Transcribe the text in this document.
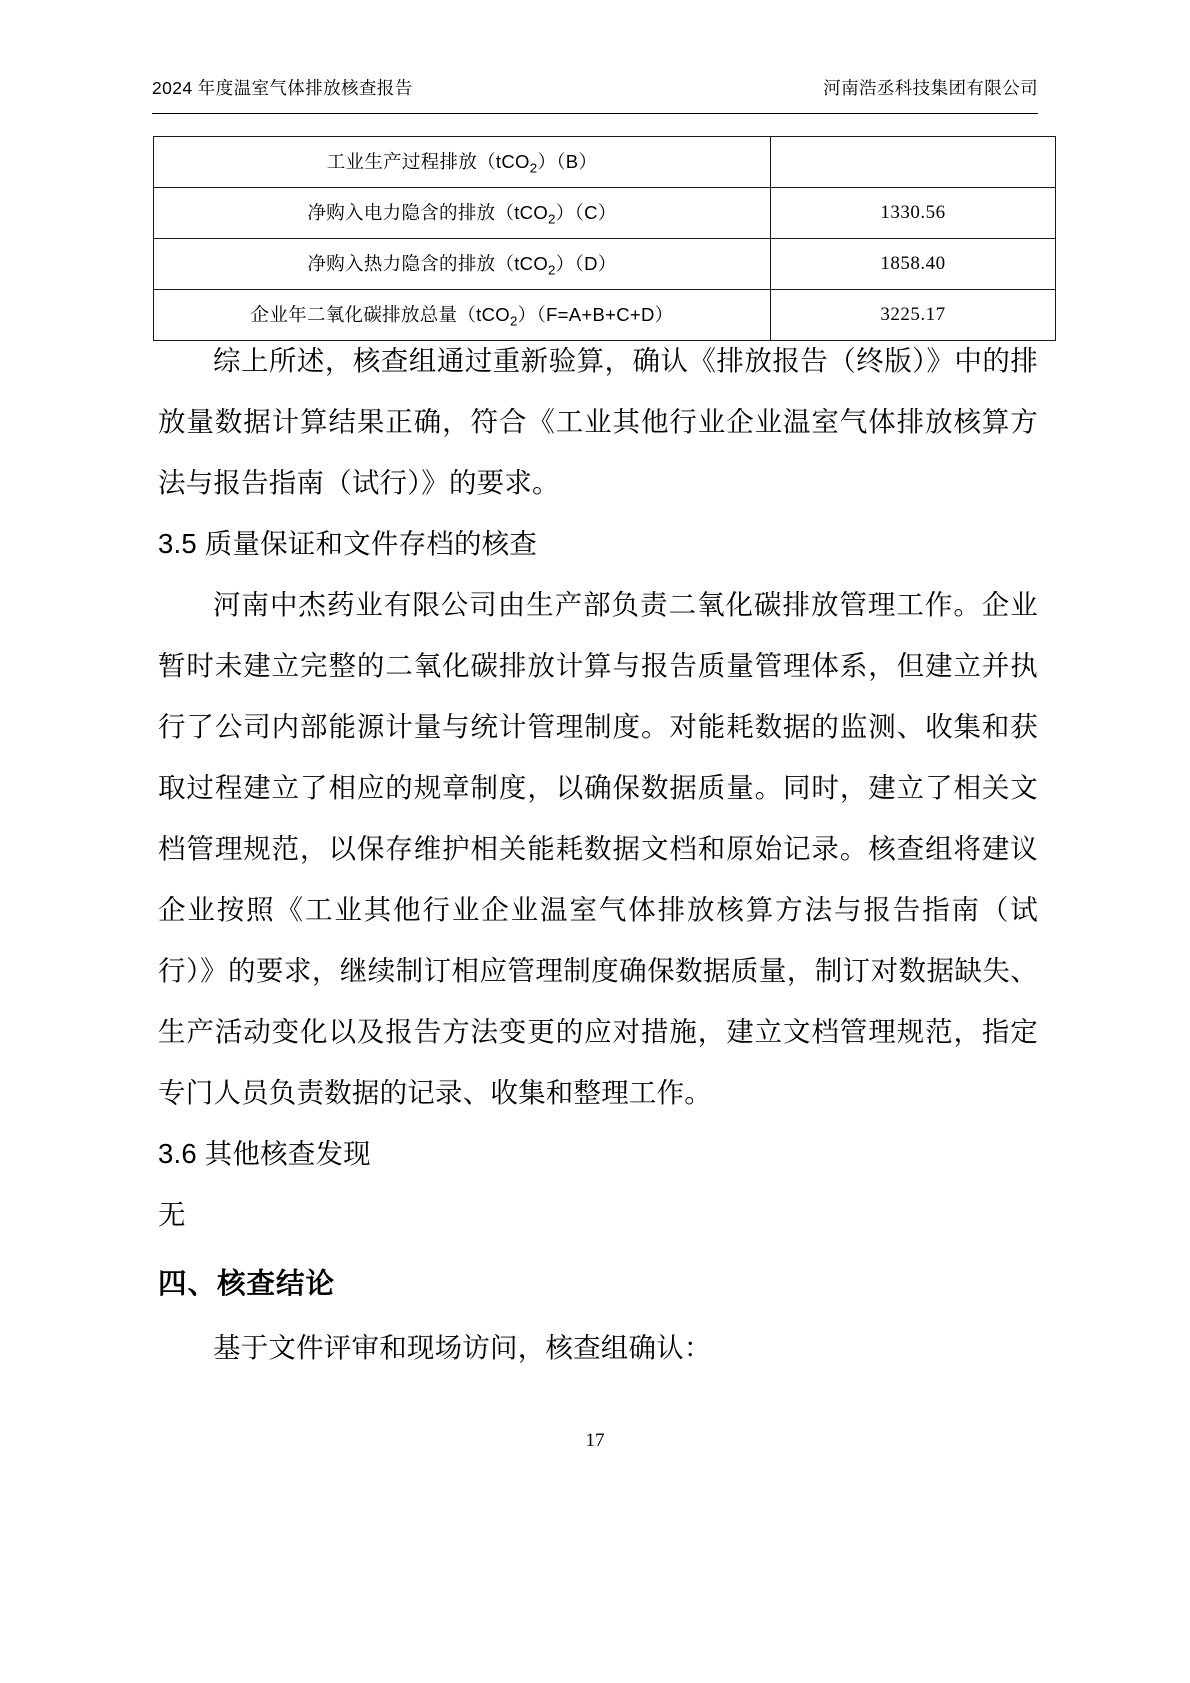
2024 年度温室气体排放核查报告	河南浩丞科技集团有限公司
工业生产过程排放（tCO$_2$）（B）	
净购入电力隐含的排放（tCO$_2$）（C）	1330.56
净购入热力隐含的排放（tCO$_2$）（D）	1858.40
企业年二氧化碳排放总量（tCO$_2$）（F=A+B+C+D）	3225.17

综上所述，核查组通过重新验算，确认《排放报告（终版）》中的排放量数据计算结果正确，符合《工业其他行业企业温室气体排放核算方法与报告指南（试行）》的要求。

3.5 质量保证和文件存档的核查

河南中杰药业有限公司由生产部负责二氧化碳排放管理工作。企业暂时未建立完整的二氧化碳排放计算与报告质量管理体系，但建立并执行了公司内部能源计量与统计管理制度。对能耗数据的监测、收集和获取过程建立了相应的规章制度，以确保数据质量。同时，建立了相关文档管理规范，以保存维护相关能耗数据文档和原始记录。核查组将建议企业按照《工业其他行业企业温室气体排放核算方法与报告指南（试行）》的要求，继续制订相应管理制度确保数据质量，制订对数据缺失、生产活动变化以及报告方法变更的应对措施，建立文档管理规范，指定专门人员负责数据的记录、收集和整理工作。

3.6 其他核查发现

无

四、核查结论

基于文件评审和现场访问，核查组确认：

17
